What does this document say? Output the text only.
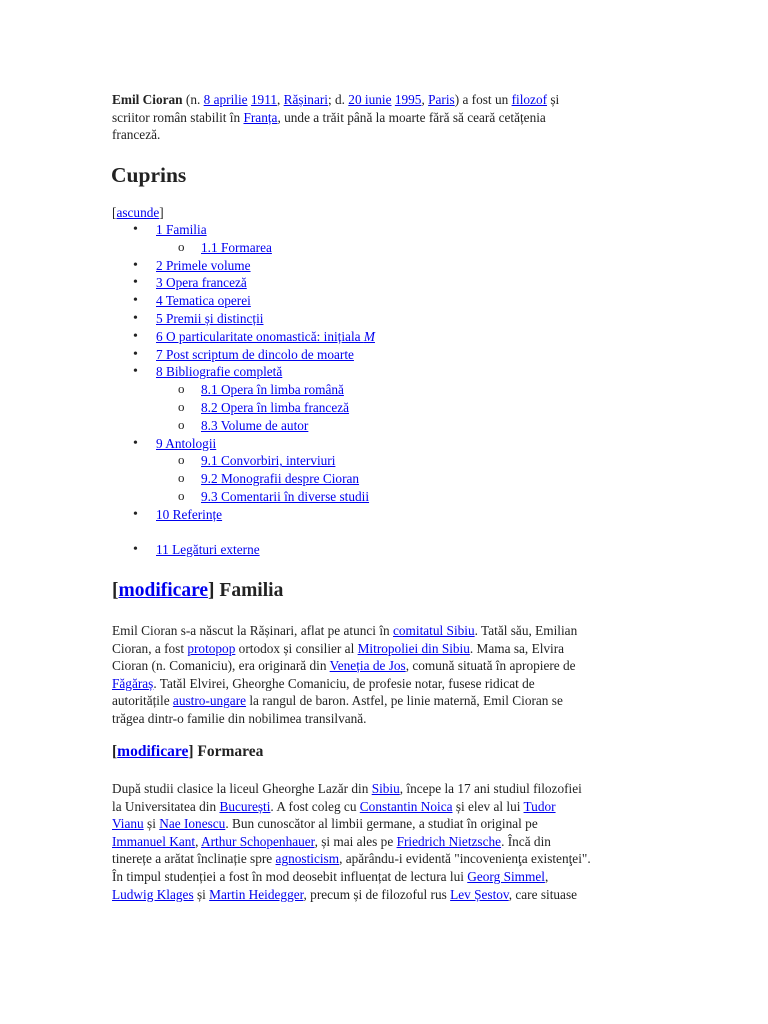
Emil Cioran (n. 8 aprilie 1911, Rășinari; d. 20 iunie 1995, Paris) a fost un filozof și
scriitor român stabilit în Franța, unde a trăit până la moarte fără să ceară cetățenia
franceză.
Cuprins
[ascunde]
• 1 Familia
o 1.1 Formarea
• 2 Primele volume
• 3 Opera franceză
• 4 Tematica operei
• 5 Premii și distincții
• 6 O particularitate onomastică: inițiala M
• 7 Post scriptum de dincolo de moarte
• 8 Bibliografie completă
o 8.1 Opera în limba română
o 8.2 Opera în limba franceză
o 8.3 Volume de autor
• 9 Antologii
o 9.1 Convorbiri, interviuri
o 9.2 Monografii despre Cioran
o 9.3 Comentarii în diverse studii
• 10 Referințe
• 11 Legături externe
[modificare] Familia

Emil Cioran s-a născut la Rășinari, aflat pe atunci în comitatul Sibiu. Tatăl său, Emilian
Cioran, a fost protopop ortodox și consilier al Mitropoliei din Sibiu. Mama sa, Elvira
Cioran (n. Comaniciu), era originară din Veneția de Jos, comună situată în apropiere de
Făgăraș. Tatăl Elvirei, Gheorghe Comaniciu, de profesie notar, fusese ridicat de
autoritățile austro-ungare la rangul de baron. Astfel, pe linie maternă, Emil Cioran se
trăgea dintr-o familie din nobilimea transilvană.

[modificare] Formarea

După studii clasice la liceul Gheorghe Lazăr din Sibiu, începe la 17 ani studiul filozofiei
la Universitatea din București. A fost coleg cu Constantin Noica și elev al lui Tudor
Vianu și Nae Ionescu. Bun cunoscător al limbii germane, a studiat în original pe
Immanuel Kant, Arthur Schopenhauer, și mai ales pe Friedrich Nietzsche. Încă din
tinerețe a arătat înclinație spre agnosticism, apărându-i evidentă "incovenienţa existenţei".
În timpul studenției a fost în mod deosebit influențat de lectura lui Georg Simmel,
Ludwig Klages și Martin Heidegger, precum și de filozoful rus Lev Șestov, care situase
